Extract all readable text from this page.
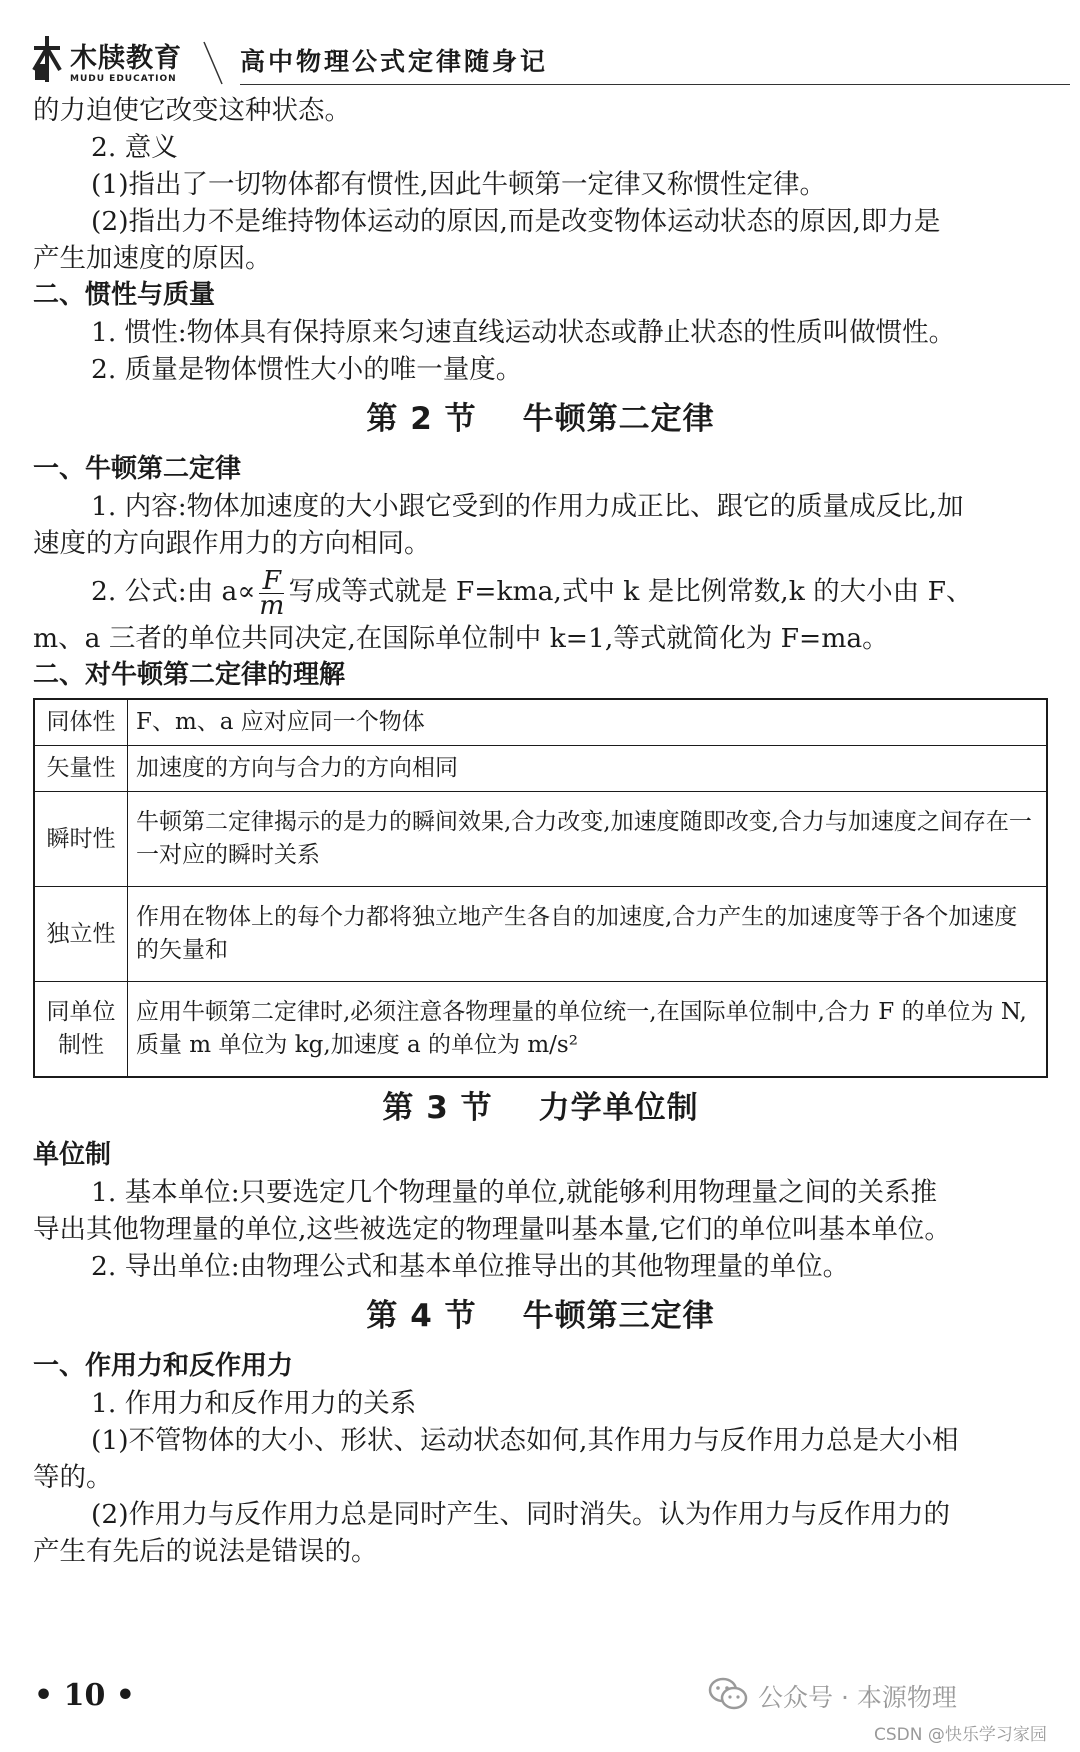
木牍教育
MUDU EDUCATION
高中物理公式定律随身记

的力迫使它改变这种状态。

2. 意义

(1)指出了一切物体都有惯性,因此牛顿第一定律又称惯性定律。

(2)指出力不是维持物体运动的原因,而是改变物体运动状态的原因,即力是

产生加速度的原因。

二、惯性与质量

1. 惯性:物体具有保持原来匀速直线运动状态或静止状态的性质叫做惯性。

2. 质量是物体惯性大小的唯一量度。

第 2 节 牛顿第二定律

一、牛顿第二定律

1. 内容:物体加速度的大小跟它受到的作用力成正比、跟它的质量成反比,加

速度的方向跟作用力的方向相同。

2. 公式:由 $a\propto \frac{F}{m}$ 写成等式就是 F=kma,式中 k 是比例常数,k 的大小由 F、

m、a 三者的单位共同决定,在国际单位制中 k=1,等式就简化为 F=ma。

二、对牛顿第二定律的理解

同体性	F、m、a 应对应同一个物体
矢量性	加速度的方向与合力的方向相同
瞬时性	牛顿第二定律揭示的是力的瞬间效果,合力改变,加速度随即改变,合力与加速度之间存在一一对应的瞬时关系
独立性	作用在物体上的每个力都将独立地产生各自的加速度,合力产生的加速度等于各个加速度的矢量和
同单位制性	应用牛顿第二定律时,必须注意各物理量的单位统一,在国际单位制中,合力 F 的单位为 N,质量 m 单位为 kg,加速度 a 的单位为 m/s²

第 3 节 力学单位制

单位制

1. 基本单位:只要选定几个物理量的单位,就能够利用物理量之间的关系推

导出其他物理量的单位,这些被选定的物理量叫基本量,它们的单位叫基本单位。

2. 导出单位:由物理公式和基本单位推导出的其他物理量的单位。

第 4 节 牛顿第三定律

一、作用力和反作用力

1. 作用力和反作用力的关系

(1)不管物体的大小、形状、运动状态如何,其作用力与反作用力总是大小相

等的。

(2)作用力与反作用力总是同时产生、同时消失。认为作用力与反作用力的

产生有先后的说法是错误的。

• 10 •	公众号 · 本源物理
CSDN @快乐学习家园
